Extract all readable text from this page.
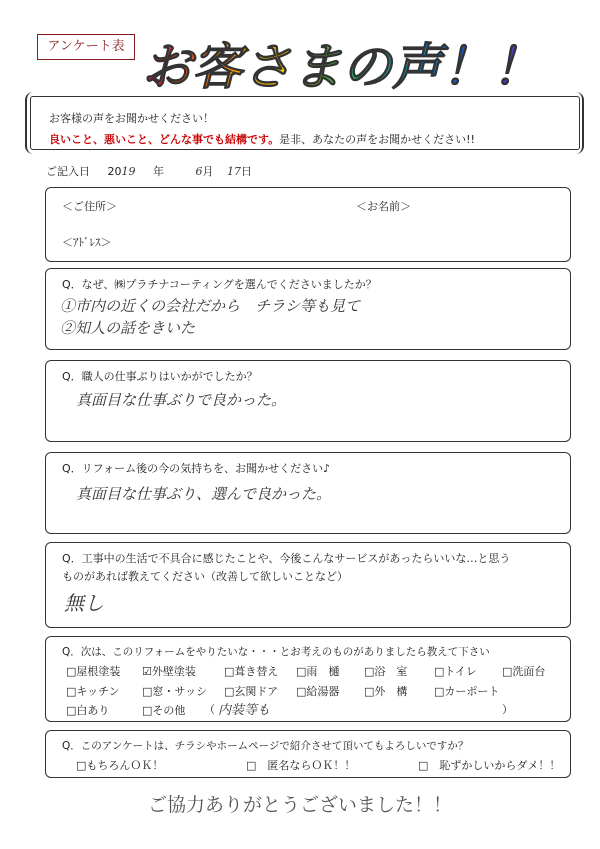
アンケート表 お客さまの声！！
お客様の声をお聞かせください！
良いこと、悪いこと、どんな事でも結構です。是非、あなたの声をお聞かせください!!
ご記入日 2019 年	6月 17日
＜ご住所＞	＜お名前＞
＜ｱﾄﾞﾚｽ＞
Q．なぜ、㈱プラチナコーティングを選んでくださいましたか？
①市内の近くの会社だから　チラシ等も見て
②知人の話をきいた
Q．職人の仕事ぶりはいかがでしたか？
真面目な仕事ぶりで良かった。
Q．リフォーム後の今の気持ちを、お聞かせください♪
真面目な仕事ぶり、選んで良かった。
Q．工事中の生活で不具合に感じたことや、今後こんなサービスがあったらいいな…と思う
ものがあれば教えてください（改善して欲しいことなど）
無し
Q．次は、このリフォームをやりたいな・・・とお考えのものがありましたら教えて下さい
□屋根塗装 ☑外壁塗装	□葺き替え □雨　樋 □浴　室 □トイレ □洗面台
□キッチン □窓・サッシ □玄関ドア □給湯器 □外　構 □カーポート
□白あり	□その他 （ 内装等も	）
Q．このアンケートは、チラシやホームページで紹介させて頂いてもよろしいですか？
□もちろんＯＫ！	□　匿名ならＯＫ！！	□　恥ずかしいからダメ！！
ご協力ありがとうございました！！
